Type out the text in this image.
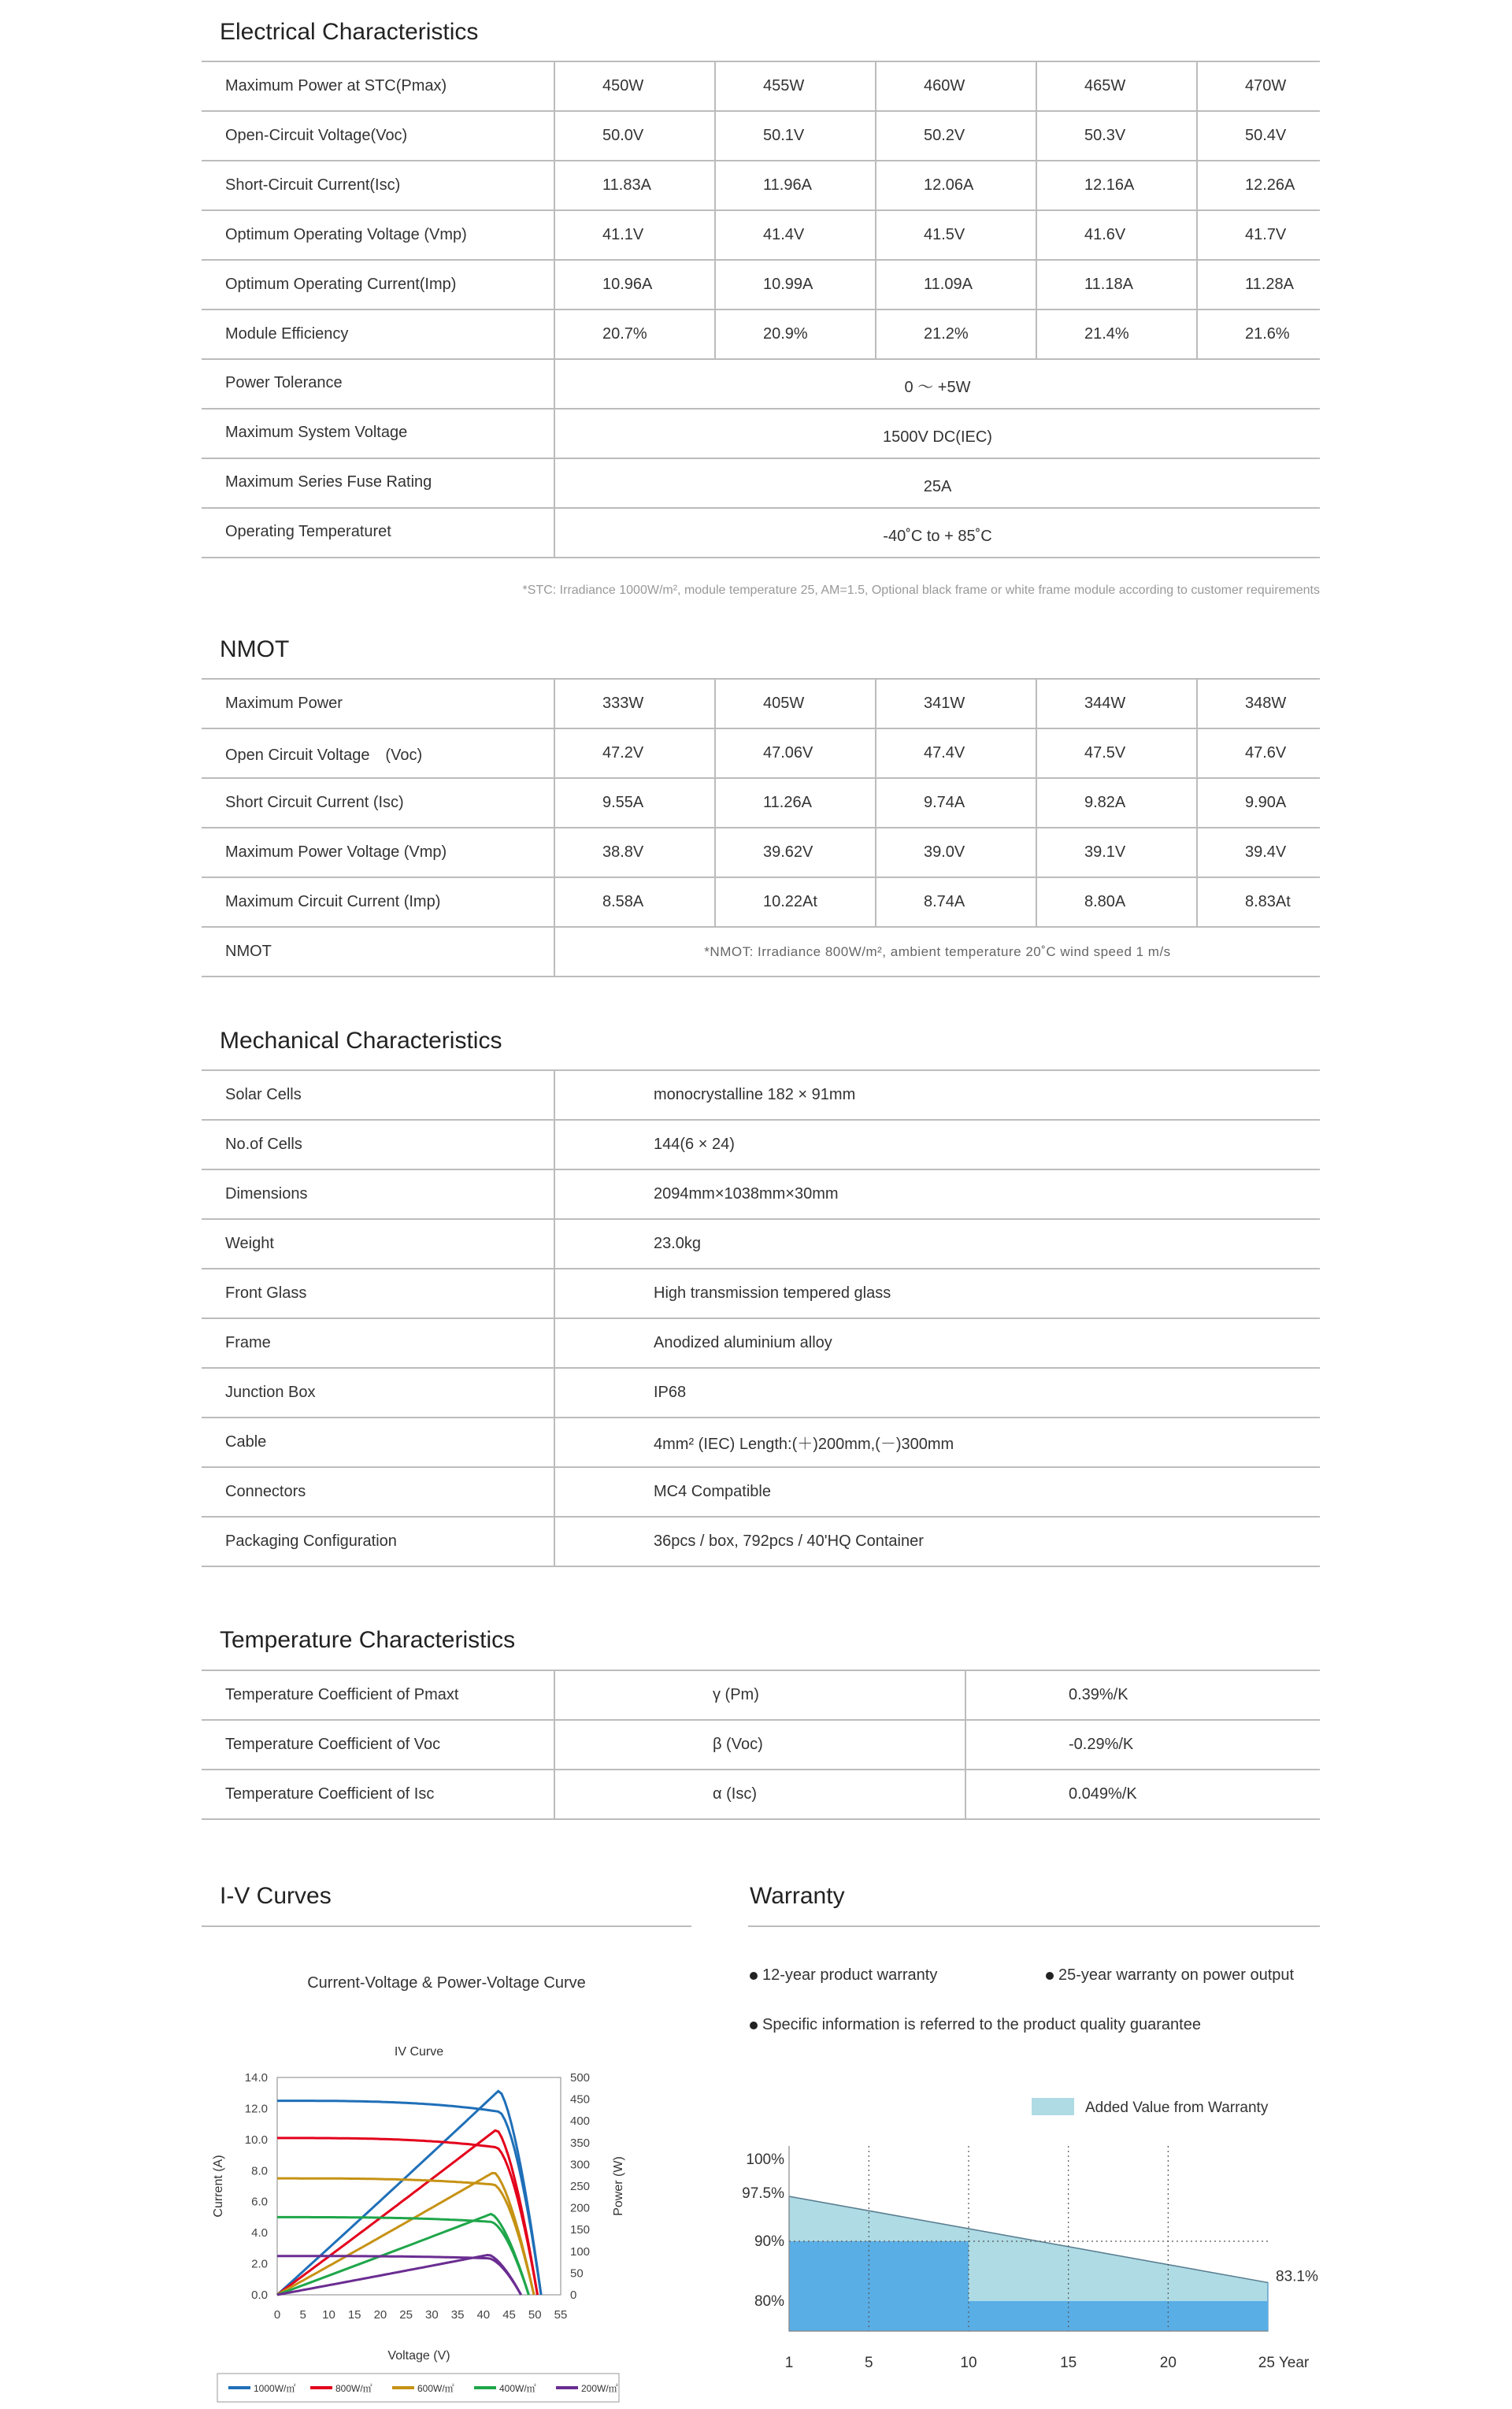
Electrical Characteristics
Maximum Power at STC(Pmax)	450W	455W	460W	465W	470W
Open-Circuit Voltage(Voc)	50.0V	50.1V	50.2V	50.3V	50.4V
Short-Circuit Current(Isc)	11.83A	11.96A	12.06A	12.16A	12.26A
Optimum Operating Voltage (Vmp)	41.1V	41.4V	41.5V	41.6V	41.7V
Optimum Operating Current(Imp)	10.96A	10.99A	11.09A	11.18A	11.28A
Module Efficiency	20.7%	20.9%	21.2%	21.4%	21.6%
Power Tolerance	0 ～ +5W				
Maximum System Voltage	1500V DC(IEC)				
Maximum Series Fuse Rating	25A				
Operating Temperaturet	-40˚C to + 85˚C				
*STC: Irradiance 1000W/m², module temperature 25, AM=1.5, Optional black frame or white frame module according to customer requirements
NMOT
Maximum Power	333W	405W	341W	344W	348W
Open Circuit Voltage　(Voc)	47.2V	47.06V	47.4V	47.5V	47.6V
Short Circuit Current (Isc)	9.55A	11.26A	9.74A	9.82A	9.90A
Maximum Power Voltage (Vmp)	38.8V	39.62V	39.0V	39.1V	39.4V
Maximum Circuit Current (Imp)	8.58A	10.22At	8.74A	8.80A	8.83At
NMOT	*NMOT: Irradiance 800W/m², ambient temperature 20˚C wind speed 1 m/s				
Mechanical Characteristics
Solar Cells	monocrystalline 182 × 91mm
No.of Cells	144(6 × 24)
Dimensions	2094mm×1038mm×30mm
Weight	23.0kg
Front Glass	High transmission tempered glass
Frame	Anodized aluminium alloy
Junction Box	IP68
Cable	4mm² (IEC) Length:(＋)200mm,(－)300mm
Connectors	MC4 Compatible
Packaging Configuration	36pcs / box, 792pcs / 40'HQ Container
Temperature Characteristics
Temperature Coefficient of Pmaxt	γ (Pm)	0.39%/K
Temperature Coefficient of Voc	β (Voc)	-0.29%/K
Temperature Coefficient of Isc	α (Isc)	0.049%/K
I-V Curves
Current-Voltage & Power-Voltage Curve
IV Curve
0.0
2.0
4.0
6.0
8.0
10.0
12.0
14.0
0
50
100
150
200
250
300
350
400
450
500
0 5 10 15 20 25 30 35 40 45 50 55
Voltage (V)
Current (A)	Power (W)
1000W/㎡	800W/㎡	600W/㎡	400W/㎡	200W/㎡
Warranty
12-year product warranty	25-year warranty on power output
Specific information is referred to the product quality guarantee
Added Value from Warranty
100%
97.5%
90%
80%
83.1%
1	5	10	15	20	25 Year
